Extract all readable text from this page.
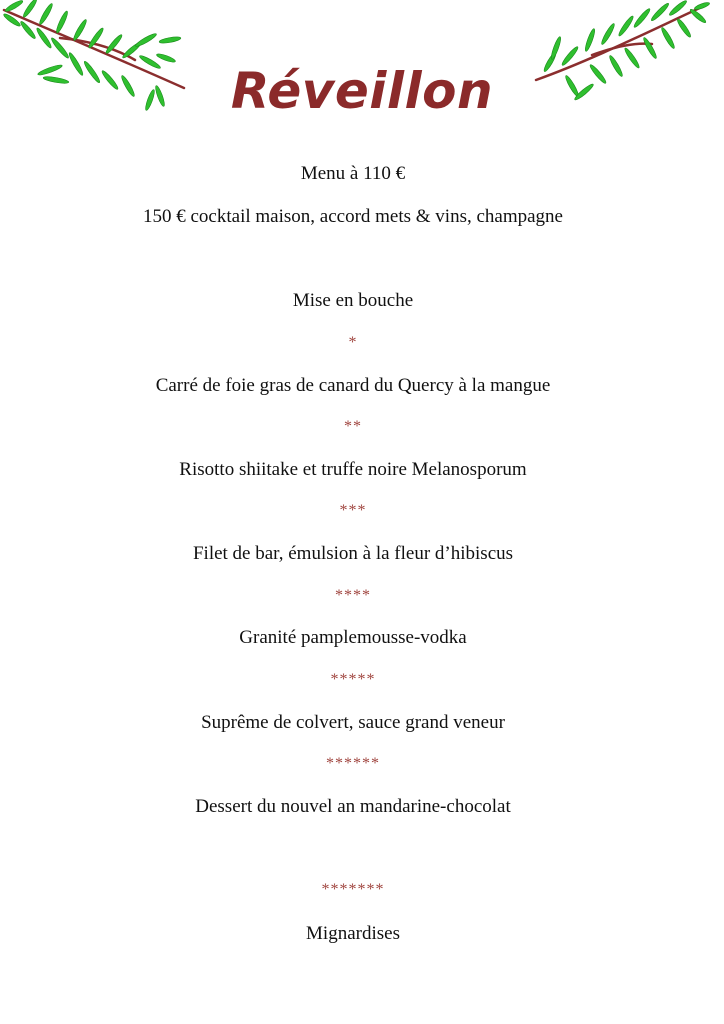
Réveillon
Menu à 110 €
150 € cocktail maison, accord mets & vins, champagne
Mise en bouche
*
Carré de foie gras de canard du Quercy à la mangue
**
Risotto shiitake et truffe noire Melanosporum
***
Filet de bar, émulsion à la fleur d’hibiscus
****
Granité pamplemousse-vodka
*****
Suprême de colvert, sauce grand veneur
******
Dessert du nouvel an mandarine-chocolat
*******
Mignardises
